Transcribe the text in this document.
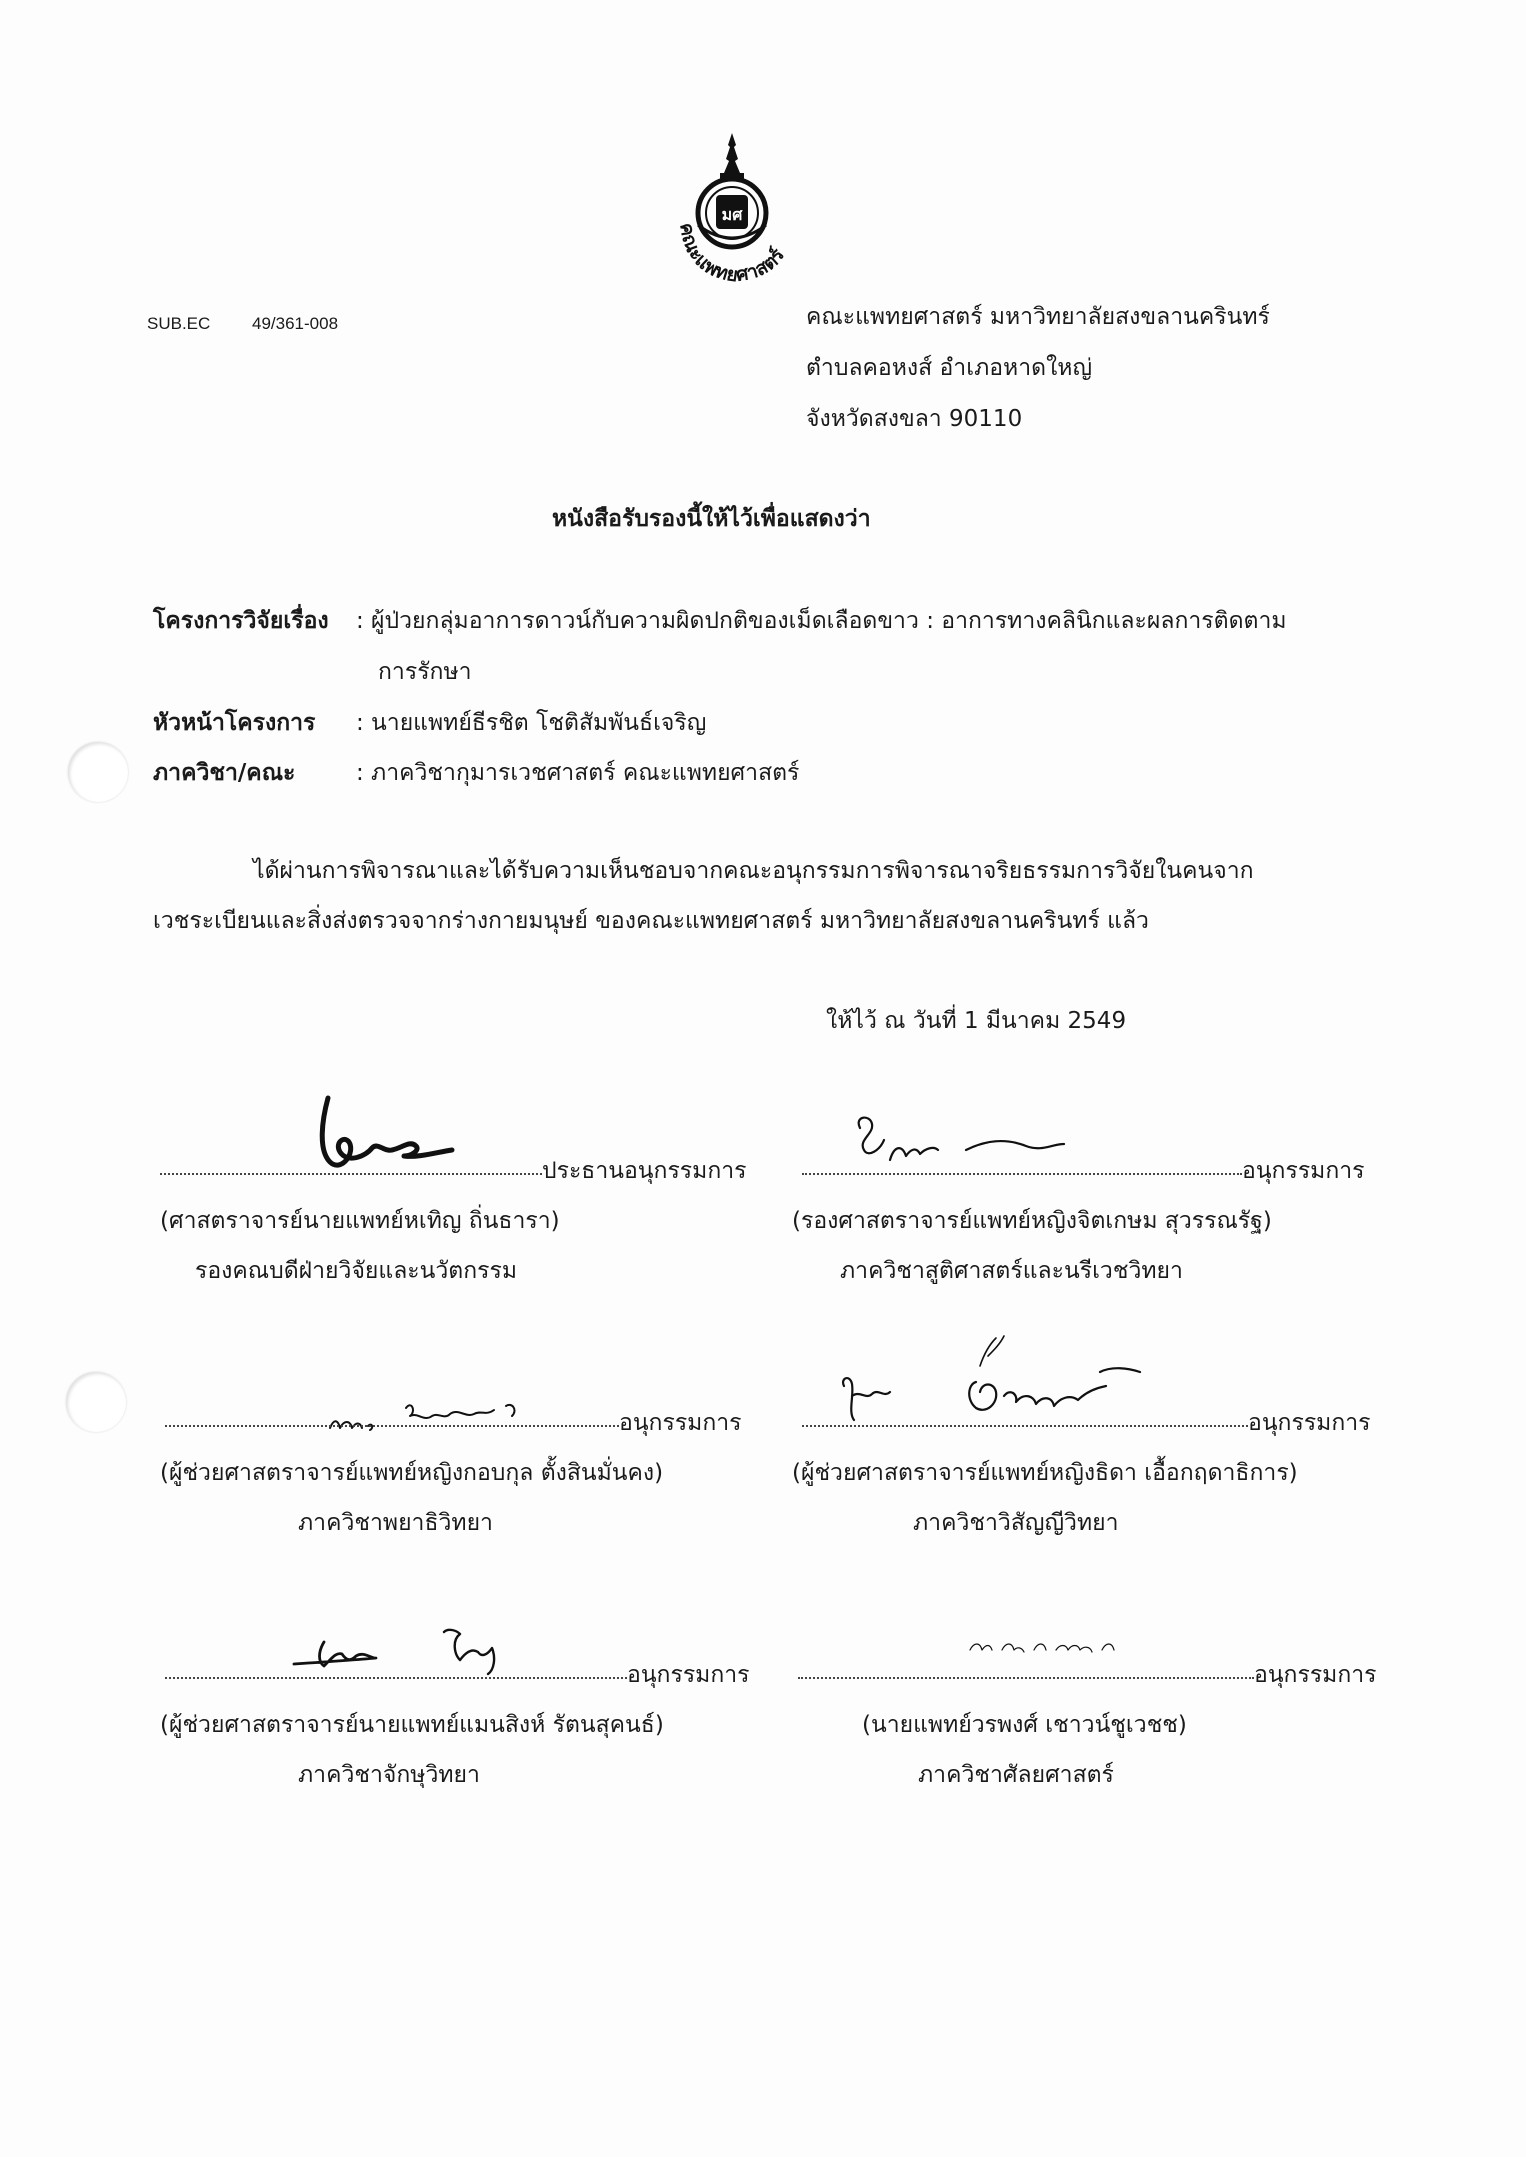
มศ
คณะแพทยศาสตร์
SUB.EC 49/361-008	คณะแพทยศาสตร์ มหาวิทยาลัยสงขลานครินทร์
ตำบลคอหงส์ อำเภอหาดใหญ่
จังหวัดสงขลา 90110
หนังสือรับรองนี้ให้ไว้เพื่อแสดงว่า
โครงการวิจัยเรื่อง : ผู้ป่วยกลุ่มอาการดาวน์กับความผิดปกติของเม็ดเลือดขาว : อาการทางคลินิกและผลการติดตาม
การรักษา
หัวหน้าโครงการ : นายแพทย์ธีรชิต โชติสัมพันธ์เจริญ
ภาควิชา/คณะ	: ภาควิชากุมารเวชศาสตร์ คณะแพทยศาสตร์
ได้ผ่านการพิจารณาและได้รับความเห็นชอบจากคณะอนุกรรมการพิจารณาจริยธรรมการวิจัยในคนจาก
เวชระเบียนและสิ่งส่งตรวจจากร่างกายมนุษย์ ของคณะแพทยศาสตร์ มหาวิทยาลัยสงขลานครินทร์ แล้ว
ให้ไว้ ณ วันที่ 1 มีนาคม 2549
ประธานอนุกรรมการ
(ศาสตราจารย์นายแพทย์หเทิญ ถิ่นธารา)
รองคณบดีฝ่ายวิจัยและนวัตกรรม
อนุกรรมการ
(รองศาสตราจารย์แพทย์หญิงจิตเกษม สุวรรณรัฐ)
ภาควิชาสูติศาสตร์และนรีเวชวิทยา
อนุกรรมการ
(ผู้ช่วยศาสตราจารย์แพทย์หญิงกอบกุล ตั้งสินมั่นคง)
ภาควิชาพยาธิวิทยา
อนุกรรมการ
(ผู้ช่วยศาสตราจารย์แพทย์หญิงธิดา เอื้อกฤดาธิการ)
ภาควิชาวิสัญญีวิทยา
อนุกรรมการ
(ผู้ช่วยศาสตราจารย์นายแพทย์แมนสิงห์ รัตนสุคนธ์)
ภาควิชาจักษุวิทยา
อนุกรรมการ
(นายแพทย์วรพงศ์ เชาวน์ชูเวชช)
ภาควิชาศัลยศาสตร์
